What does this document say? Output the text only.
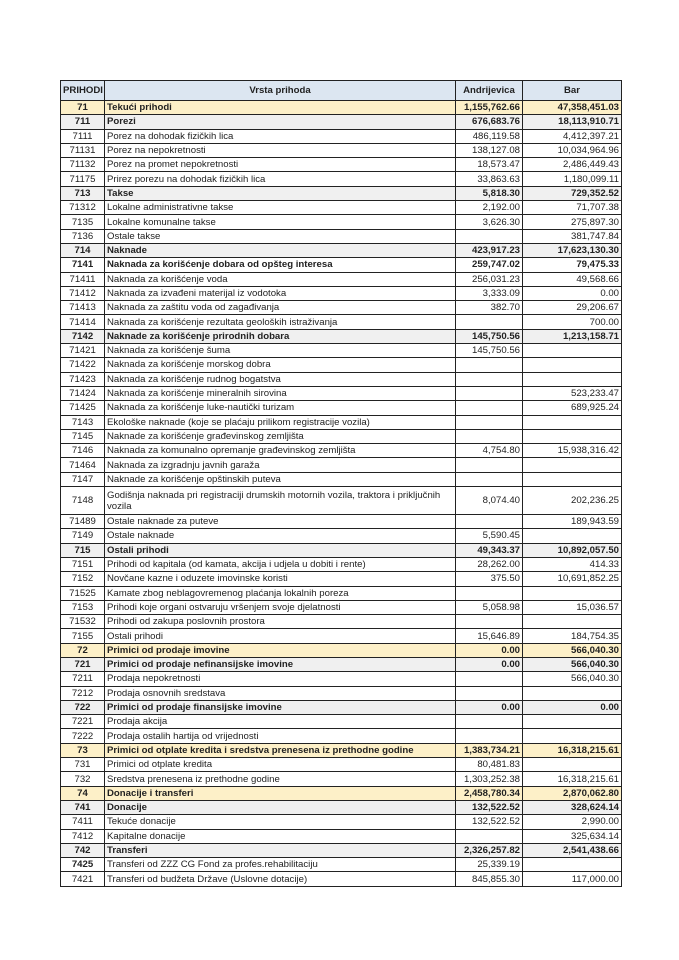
PRIHODI	Vrsta prihoda	Andrijevica	Bar
71	Tekući prihodi	1,155,762.66	47,358,451.03
711	Porezi	676,683.76	18,113,910.71
7111	Porez na dohodak fizičkih lica	486,119.58	4,412,397.21
71131	Porez na nepokretnosti	138,127.08	10,034,964.96
71132	Porez na promet nepokretnosti	18,573.47	2,486,449.43
71175	Prirez porezu na dohodak fizičkih lica	33,863.63	1,180,099.11
713	Takse	5,818.30	729,352.52
71312	Lokalne administrativne takse	2,192.00	71,707.38
7135	Lokalne komunalne takse	3,626.30	275,897.30
7136	Ostale takse		381,747.84
714	Naknade	423,917.23	17,623,130.30
7141	Naknada za korišćenje dobara od opšteg interesa	259,747.02	79,475.33
71411	Naknada za korišćenje voda	256,031.23	49,568.66
71412	Naknada za izvađeni materijal iz vodotoka	3,333.09	0.00
71413	Naknada za zaštitu voda od zagađivanja	382.70	29,206.67
71414	Naknada za korišćenje rezultata geoloških istraživanja		700.00
7142	Naknade za korišćenje prirodnih dobara	145,750.56	1,213,158.71
71421	Naknada za korišćenje šuma	145,750.56	
71422	Naknada za korišćenje morskog dobra		
71423	Naknada za korišćenje rudnog bogatstva		
71424	Naknada za korišćenje mineralnih sirovina		523,233.47
71425	Naknada za korišćenje luke-nautički turizam		689,925.24
7143	Ekološke naknade (koje se plaćaju prilikom registracije vozila)		
7145	Naknade za korišćenje građevinskog zemljišta		
7146	Naknada za komunalno opremanje građevinskog zemljišta	4,754.80	15,938,316.42
71464	Naknada za izgradnju javnih garaža		
7147	Naknade za korišćenje opštinskih puteva		
7148	Godišnja naknada pri registraciji drumskih motornih vozila, traktora i priključnih vozila	8,074.40	202,236.25
71489	Ostale naknade za puteve		189,943.59
7149	Ostale naknade	5,590.45	
715	Ostali prihodi	49,343.37	10,892,057.50
7151	Prihodi od kapitala (od kamata, akcija i udjela u dobiti i rente)	28,262.00	414.33
7152	Novčane kazne i oduzete imovinske koristi	375.50	10,691,852.25
71525	Kamate zbog neblagovremenog plaćanja lokalnih poreza		
7153	Prihodi koje organi ostvaruju vršenjem svoje djelatnosti	5,058.98	15,036.57
71532	Prihodi od zakupa poslovnih prostora		
7155	Ostali prihodi	15,646.89	184,754.35
72	Primici od prodaje imovine	0.00	566,040.30
721	Primici od prodaje nefinansijske imovine	0.00	566,040.30
7211	Prodaja nepokretnosti		566,040.30
7212	Prodaja osnovnih sredstava		
722	Primici od prodaje finansijske imovine	0.00	0.00
7221	Prodaja akcija		
7222	Prodaja ostalih hartija od vrijednosti		
73	Primici od otplate kredita i sredstva prenesena iz prethodne godine	1,383,734.21	16,318,215.61
731	Primici od otplate kredita	80,481.83	
732	Sredstva prenesena iz prethodne godine	1,303,252.38	16,318,215.61
74	Donacije i transferi	2,458,780.34	2,870,062.80
741	Donacije	132,522.52	328,624.14
7411	Tekuće donacije	132,522.52	2,990.00
7412	Kapitalne donacije		325,634.14
742	Transferi	2,326,257.82	2,541,438.66
7425	Transferi od ZZZ CG Fond za profes.rehabilitaciju	25,339.19	
7421	Transferi od budžeta Države (Uslovne dotacije)	845,855.30	117,000.00
